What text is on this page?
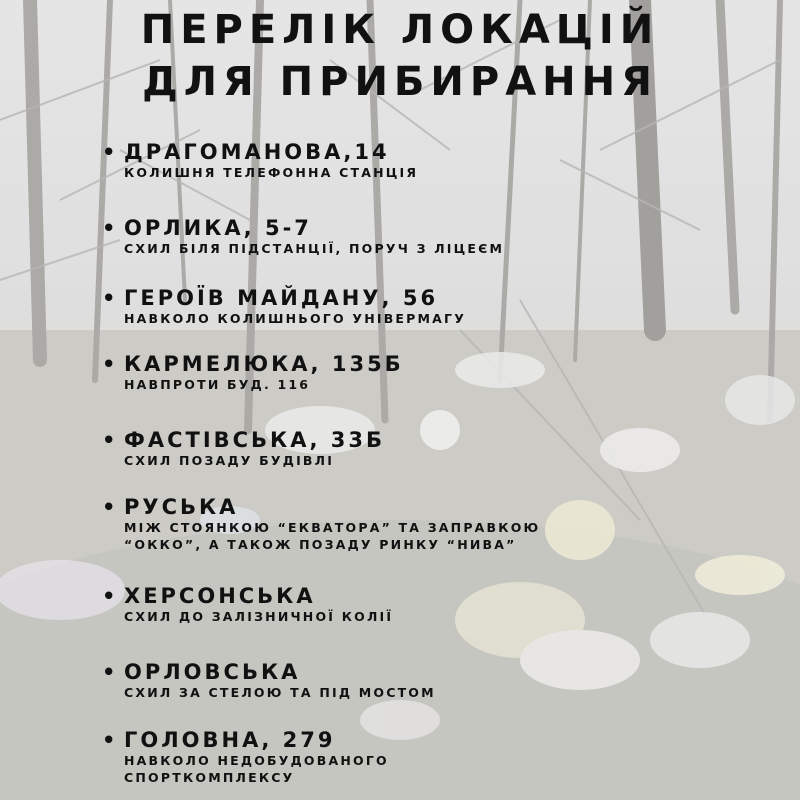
ПЕРЕЛІК ЛОКАЦІЙ
ДЛЯ ПРИБИРАННЯ
• ДРАГОМАНОВА,14
КОЛИШНЯ ТЕЛЕФОННА СТАНЦІЯ
• ОРЛИКА, 5-7
СХИЛ БІЛЯ ПІДСТАНЦІЇ, ПОРУЧ З ЛІЦЕЄМ
• ГЕРОЇВ МАЙДАНУ, 56
НАВКОЛО КОЛИШНЬОГО УНІВЕРМАГУ
• КАРМЕЛЮКА, 135Б
НАВПРОТИ БУД. 116
• ФАСТІВСЬКА, 33Б
СХИЛ ПОЗАДУ БУДІВЛІ
• РУСЬКА
МІЖ СТОЯНКОЮ “ЕКВАТОРА” ТА ЗАПРАВКОЮ
“ОККО”, А ТАКОЖ ПОЗАДУ РИНКУ “НИВА”
• ХЕРСОНСЬКА
СХИЛ ДО ЗАЛІЗНИЧНОЇ КОЛІЇ
• ОРЛОВСЬКА
СХИЛ ЗА СТЕЛОЮ ТА ПІД МОСТОМ
• ГОЛОВНА, 279
НАВКОЛО НЕДОБУДОВАНОГО
СПОРТКОМПЛЕКСУ
